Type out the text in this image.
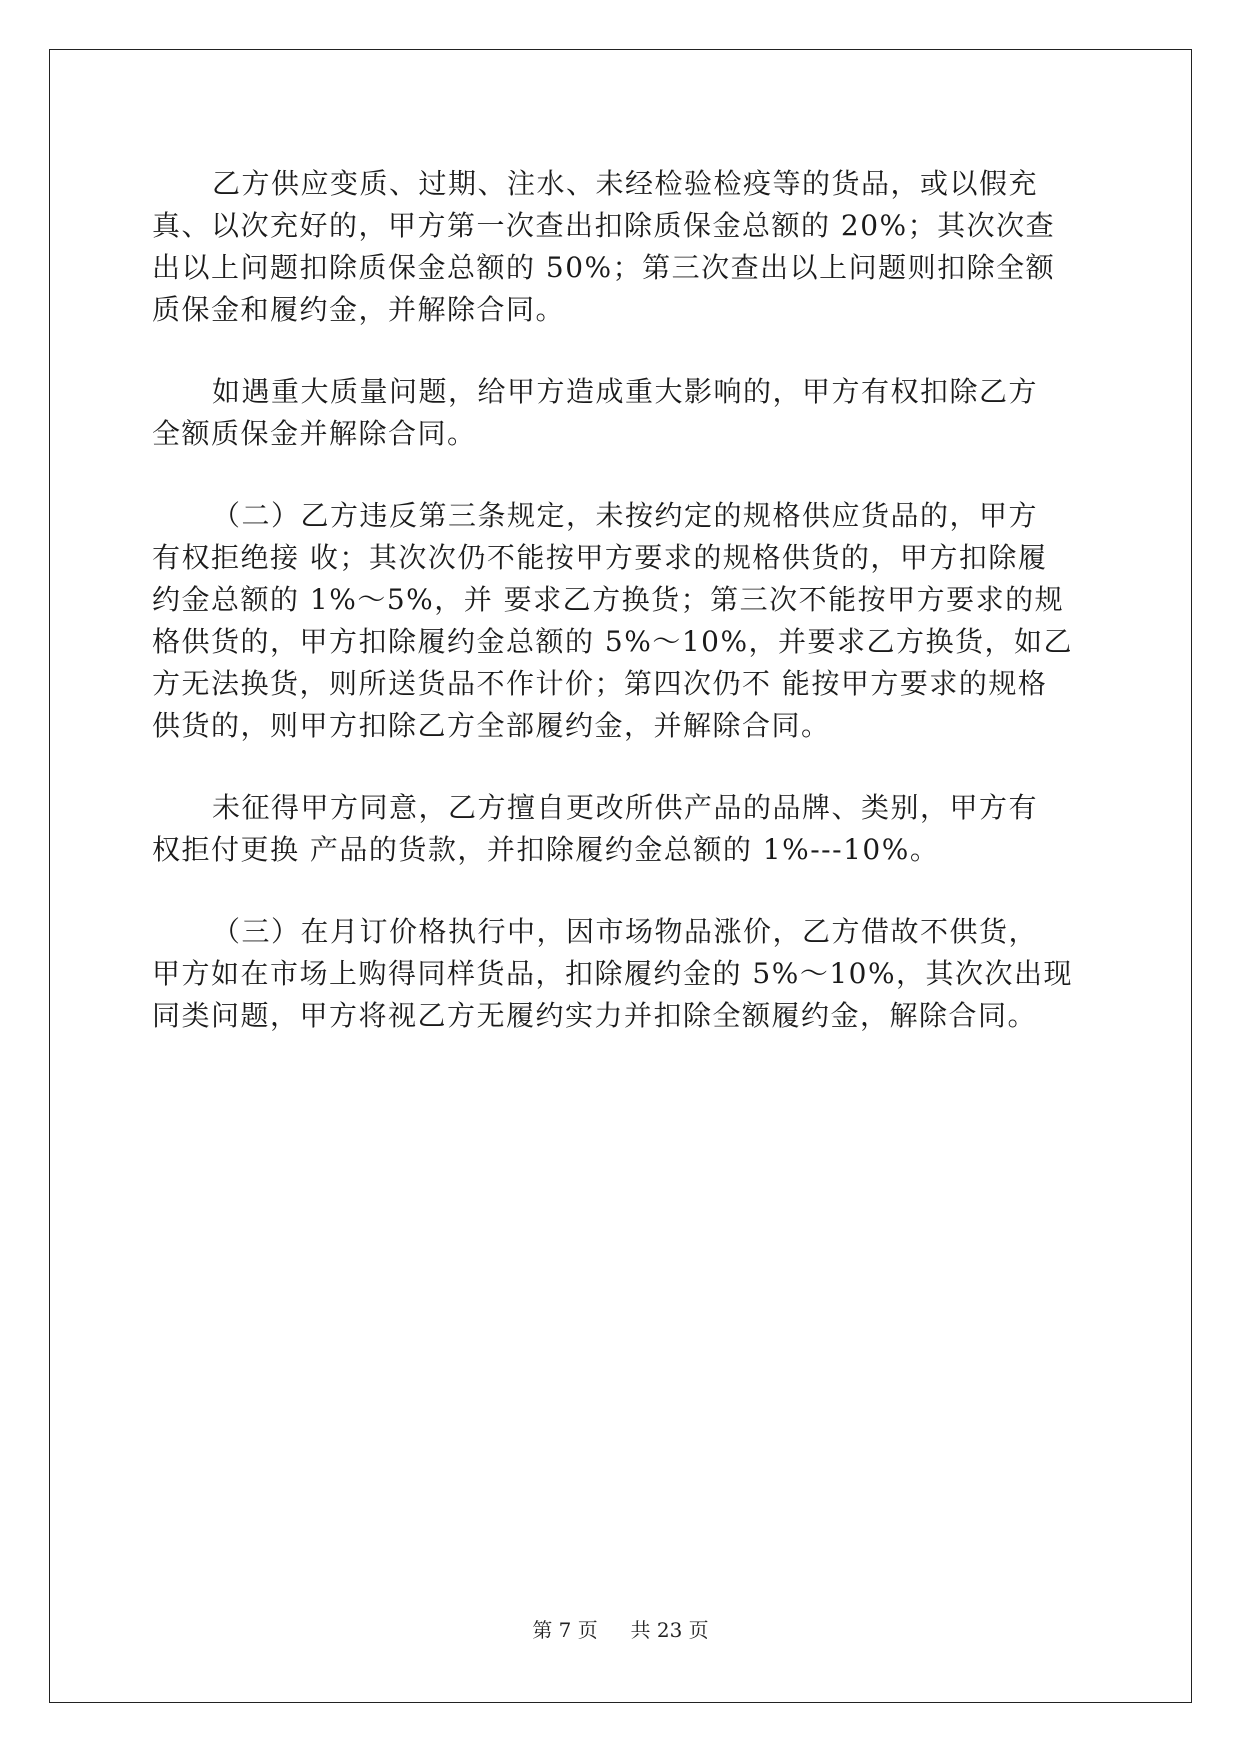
乙方供应变质、过期、注水、未经检验检疫等的货品，或以假充
真、以次充好的，甲方第一次查出扣除质保金总额的 20%；其次次查
出以上问题扣除质保金总额的 50%；第三次查出以上问题则扣除全额
质保金和履约金，并解除合同。

如遇重大质量问题，给甲方造成重大影响的，甲方有权扣除乙方
全额质保金并解除合同。

（二）乙方违反第三条规定，未按约定的规格供应货品的，甲方
有权拒绝接 收；其次次仍不能按甲方要求的规格供货的，甲方扣除履
约金总额的 1%～5%，并 要求乙方换货；第三次不能按甲方要求的规
格供货的，甲方扣除履约金总额的 5%～10%，并要求乙方换货，如乙
方无法换货，则所送货品不作计价；第四次仍不 能按甲方要求的规格
供货的，则甲方扣除乙方全部履约金，并解除合同。

未征得甲方同意，乙方擅自更改所供产品的品牌、类别，甲方有
权拒付更换 产品的货款，并扣除履约金总额的 1%---10%。

（三）在月订价格执行中，因市场物品涨价，乙方借故不供货，
甲方如在市场上购得同样货品，扣除履约金的 5%～10%，其次次出现
同类问题，甲方将视乙方无履约实力并扣除全额履约金，解除合同。

第 7 页 共 23 页
